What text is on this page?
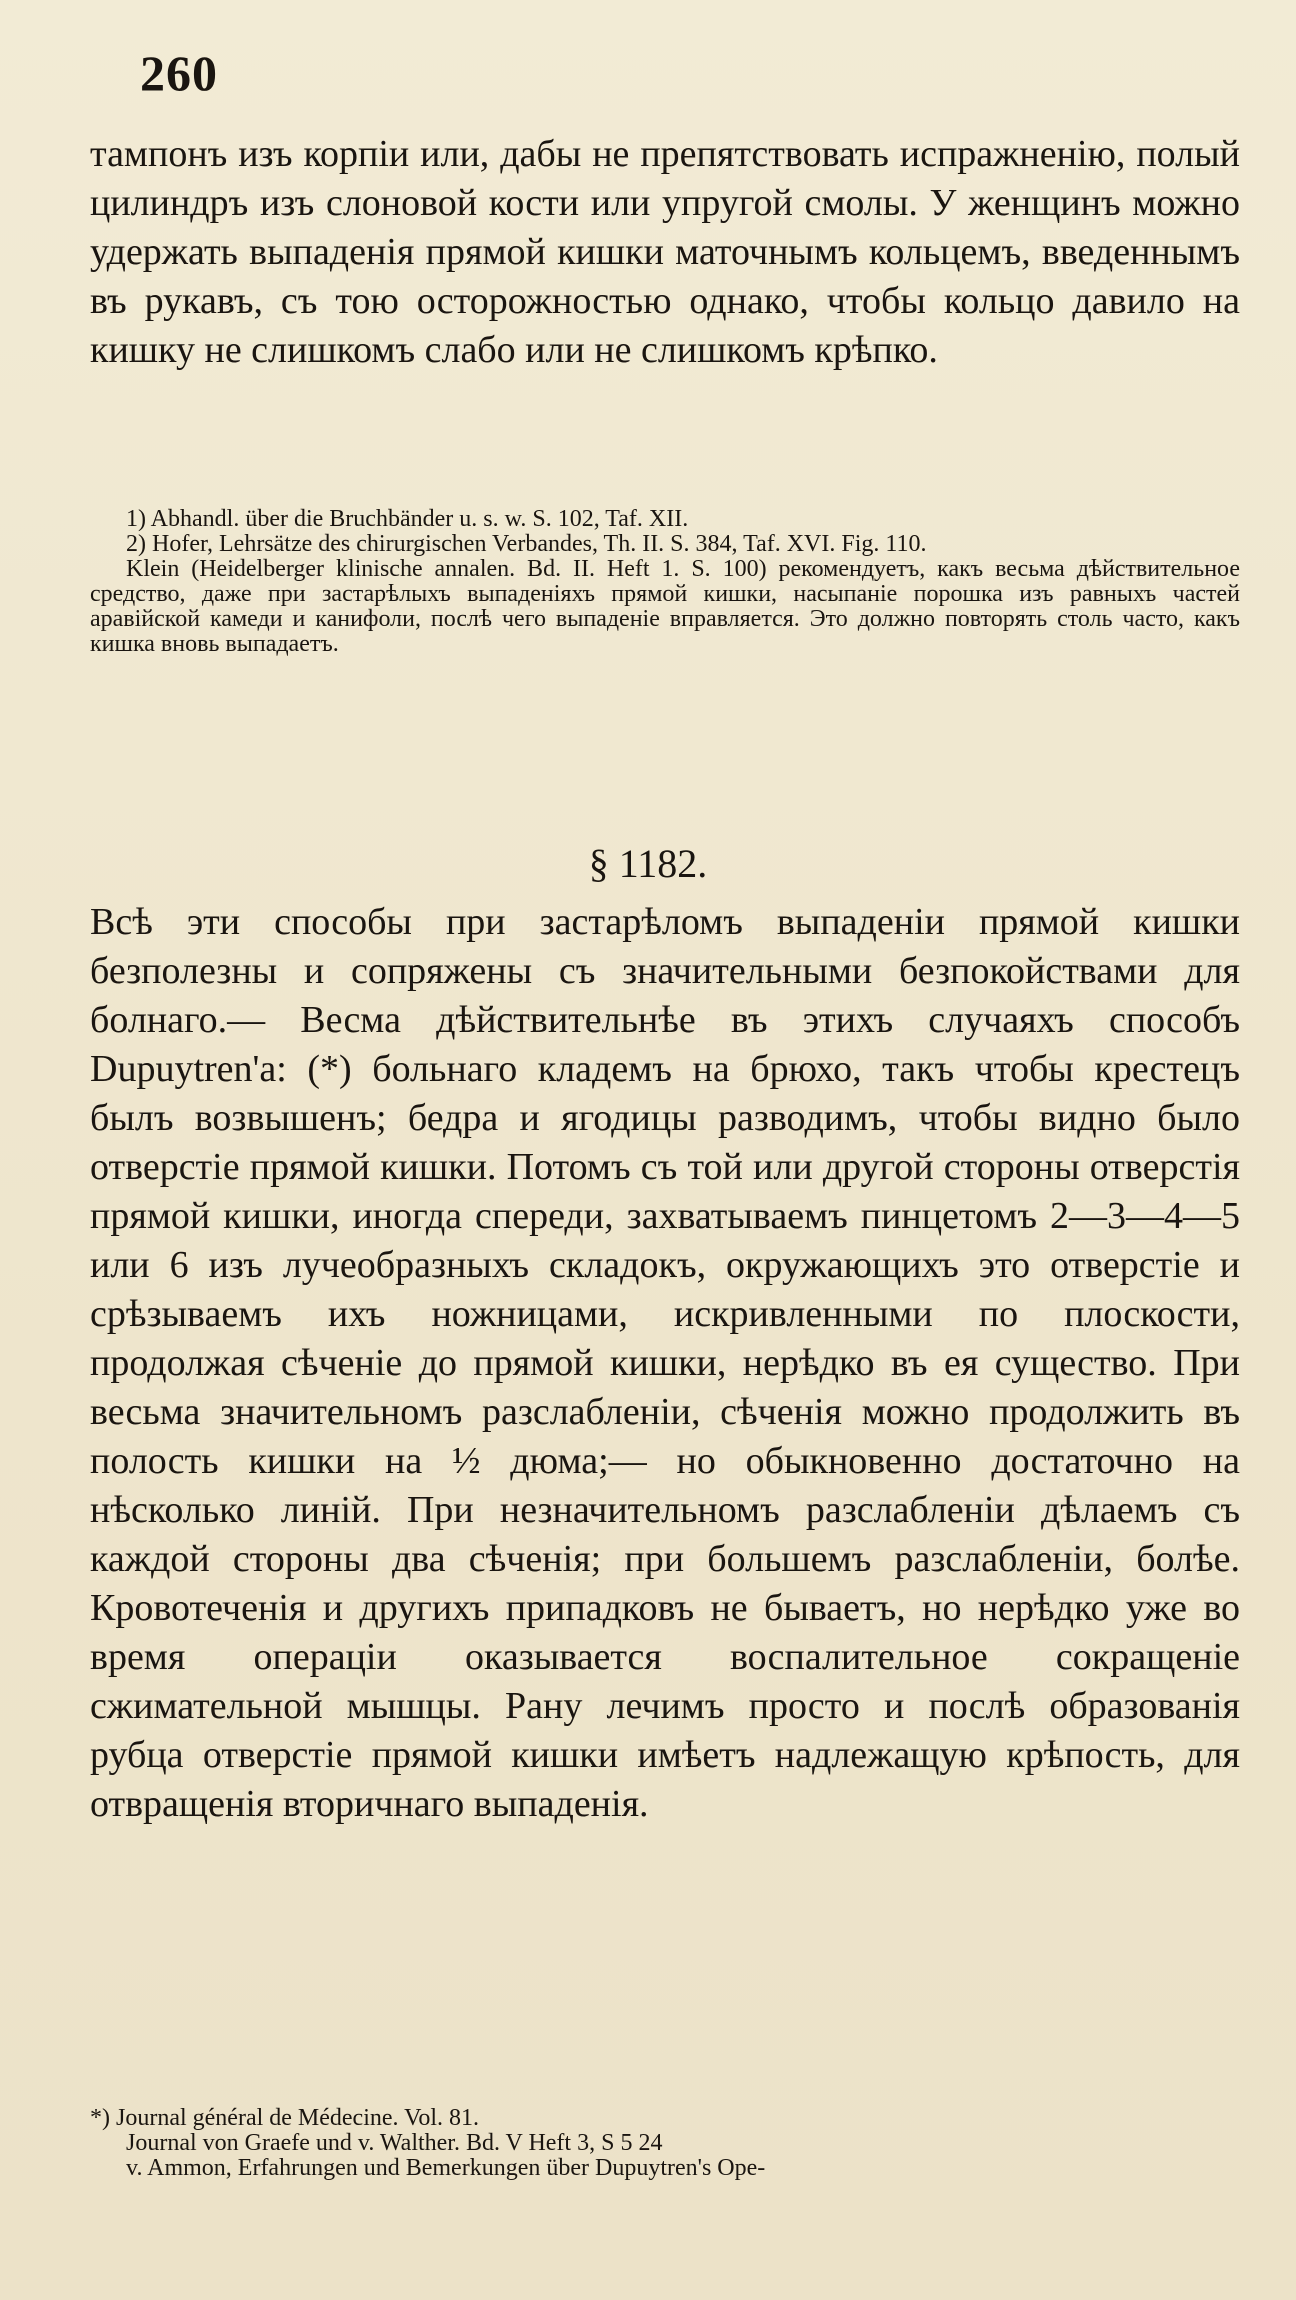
260

тампонъ изъ корпіи или, дабы не препятствовать испражненію, полый цилиндръ изъ слоновой кости или упругой смолы. У женщинъ можно удержать выпаденія прямой кишки маточнымъ кольцемъ, введеннымъ въ рукавъ, съ тою осторожностью однако, чтобы кольцо давило на кишку не слишкомъ слабо или не слишкомъ крѣпко.

1) Abhandl. über die Bruchbänder u. s. w. S. 102, Taf. XII.

2) Hofer, Lehrsätze des chirurgischen Verbandes, Th. II. S. 384, Taf. XVI. Fig. 110.

Klein (Heidelberger klinische annalen. Bd. II. Heft 1. S. 100) рекомендуетъ, какъ весьма дѣйствительное средство, даже при застарѣлыхъ выпаденіяхъ прямой кишки, насыпаніе порошка изъ равныхъ частей аравійской камеди и канифоли, послѣ чего выпаденіе вправляется. Это должно повторять столь часто, какъ кишка вновь выпадаетъ.

§ 1182.

Всѣ эти способы при застарѣломъ выпаденіи прямой кишки безполезны и сопряжены съ значительными безпокойствами для болнаго.— Весма дѣйствительнѣе въ этихъ случаяхъ способъ Dupuytren'а: (*) больнаго кладемъ на брюхо, такъ чтобы крестецъ былъ возвышенъ; бедра и ягодицы разводимъ, чтобы видно было отверстіе прямой кишки. Потомъ съ той или другой стороны отверстія прямой кишки, иногда спереди, захватываемъ пинцетомъ 2—3—4—5 или 6 изъ лучеобразныхъ складокъ, окружающихъ это отверстіе и срѣзываемъ ихъ ножницами, искривленными по плоскости, продолжая сѣченіе до прямой кишки, нерѣдко въ ея существо. При весьма значительномъ разслабленіи, сѣченія можно продолжить въ полость кишки на ½ дюма;— но обыкновенно достаточно на нѣсколько линій. При незначительномъ разслабленіи дѣлаемъ съ каждой стороны два сѣченія; при большемъ разслабленіи, болѣе. Кровотеченія и другихъ припадковъ не бываетъ, но нерѣдко уже во время операціи оказывается воспалительное сокращеніе сжимательной мышцы. Рану лечимъ просто и послѣ образованія рубца отверстіе прямой кишки имѣетъ надлежащую крѣпость, для отвращенія вторичнаго выпаденія.

*) Journal général de Médecine. Vol. 81.

Journal von Graefe und v. Walther. Bd. V Heft 3, S 5 24

v. Ammon, Erfahrungen und Bemerkungen über Dupuytren's Ope-
